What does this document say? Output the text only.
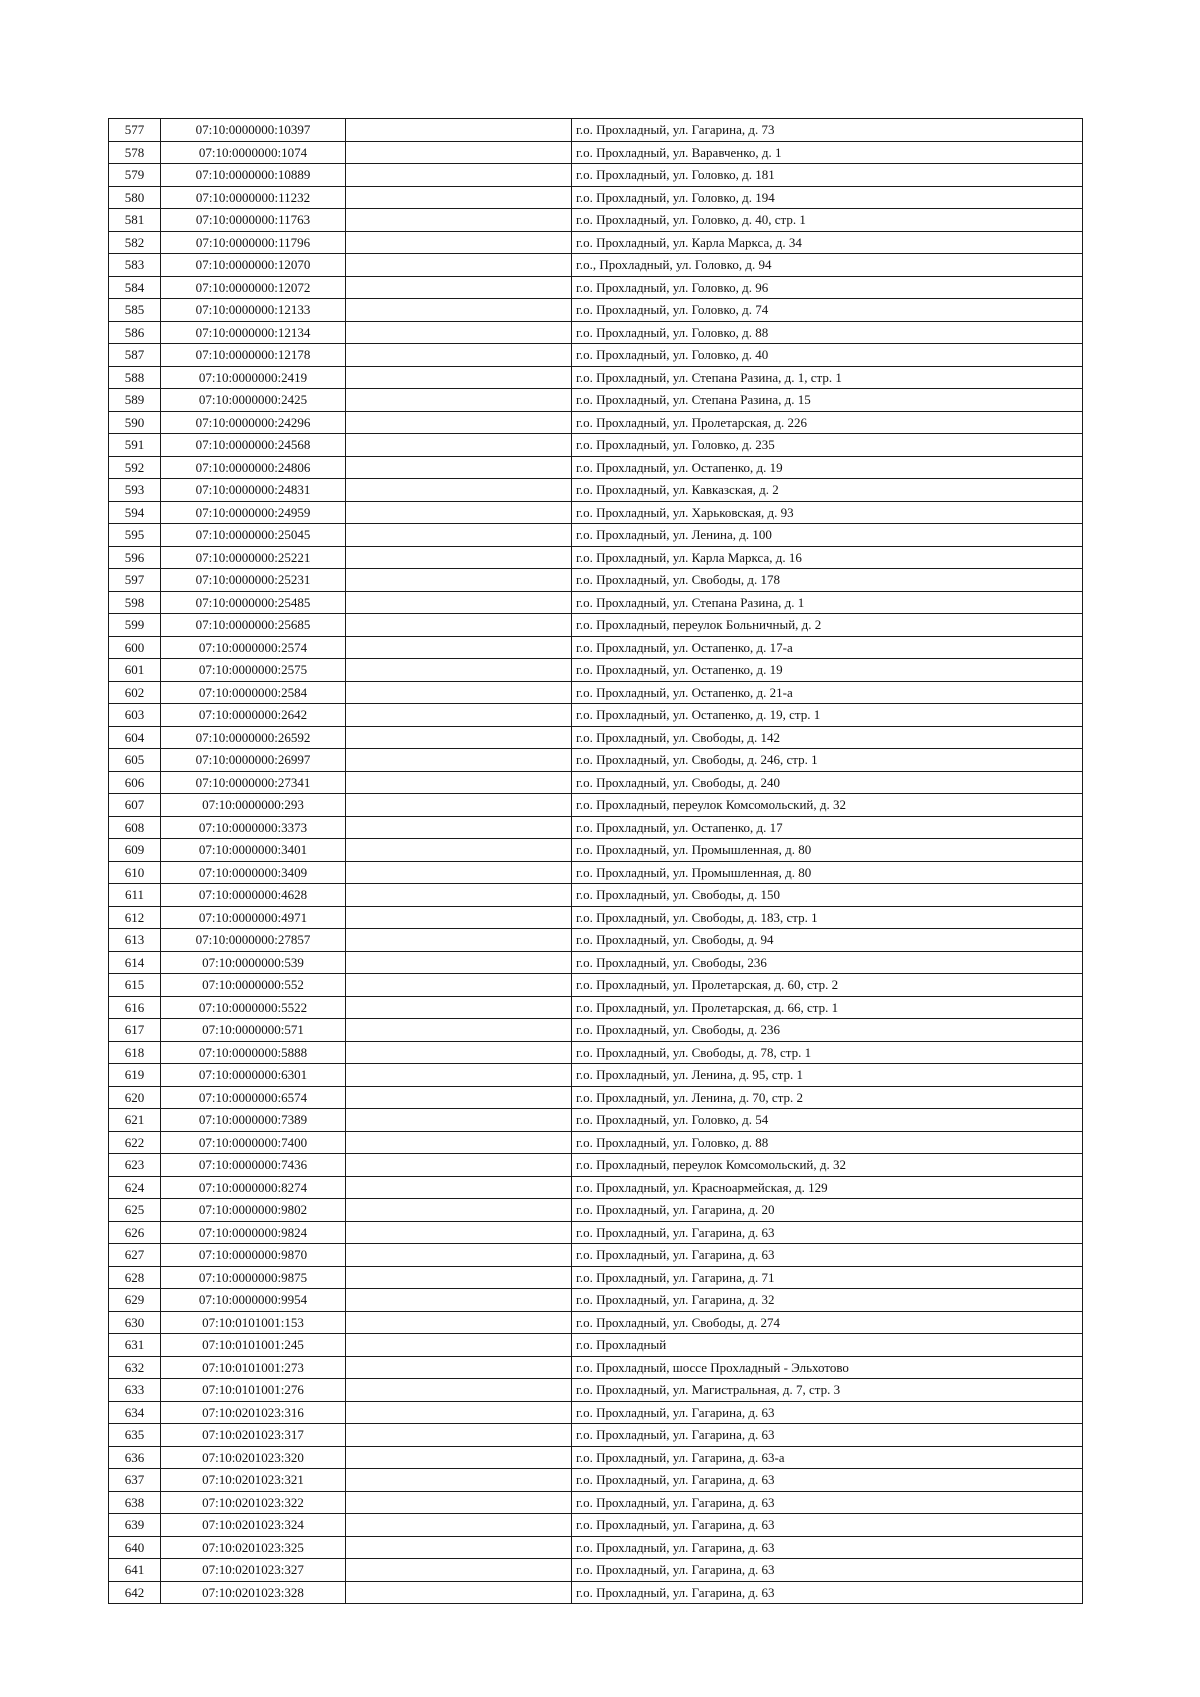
577	07:10:0000000:10397		г.о. Прохладный, ул. Гагарина, д. 73
578	07:10:0000000:1074		г.о. Прохладный, ул. Варавченко, д. 1
579	07:10:0000000:10889		г.о. Прохладный, ул. Головко, д. 181
580	07:10:0000000:11232		г.о. Прохладный, ул. Головко, д. 194
581	07:10:0000000:11763		г.о. Прохладный, ул. Головко, д. 40, стр. 1
582	07:10:0000000:11796		г.о. Прохладный, ул. Карла Маркса, д. 34
583	07:10:0000000:12070		г.о., Прохладный, ул. Головко, д. 94
584	07:10:0000000:12072		г.о. Прохладный, ул. Головко, д. 96
585	07:10:0000000:12133		г.о. Прохладный, ул. Головко, д. 74
586	07:10:0000000:12134		г.о. Прохладный, ул. Головко, д. 88
587	07:10:0000000:12178		г.о. Прохладный, ул. Головко, д. 40
588	07:10:0000000:2419		г.о. Прохладный, ул. Степана Разина, д. 1, стр. 1
589	07:10:0000000:2425		г.о. Прохладный, ул. Степана Разина, д. 15
590	07:10:0000000:24296		г.о. Прохладный, ул. Пролетарская, д. 226
591	07:10:0000000:24568		г.о. Прохладный, ул. Головко, д. 235
592	07:10:0000000:24806		г.о. Прохладный, ул. Остапенко, д. 19
593	07:10:0000000:24831		г.о. Прохладный, ул. Кавказская, д. 2
594	07:10:0000000:24959		г.о. Прохладный, ул. Харьковская, д. 93
595	07:10:0000000:25045		г.о. Прохладный, ул. Ленина, д. 100
596	07:10:0000000:25221		г.о. Прохладный, ул. Карла Маркса, д. 16
597	07:10:0000000:25231		г.о. Прохладный, ул. Свободы, д. 178
598	07:10:0000000:25485		г.о. Прохладный, ул. Степана Разина, д. 1
599	07:10:0000000:25685		г.о. Прохладный, переулок Больничный, д. 2
600	07:10:0000000:2574		г.о. Прохладный, ул. Остапенко, д. 17-а
601	07:10:0000000:2575		г.о. Прохладный, ул. Остапенко, д. 19
602	07:10:0000000:2584		г.о. Прохладный, ул. Остапенко, д. 21-а
603	07:10:0000000:2642		г.о. Прохладный, ул. Остапенко, д. 19, стр. 1
604	07:10:0000000:26592		г.о. Прохладный, ул. Свободы, д. 142
605	07:10:0000000:26997		г.о. Прохладный, ул. Свободы, д. 246, стр. 1
606	07:10:0000000:27341		г.о. Прохладный, ул. Свободы, д. 240
607	07:10:0000000:293		г.о. Прохладный, переулок Комсомольский, д. 32
608	07:10:0000000:3373		г.о. Прохладный, ул. Остапенко, д. 17
609	07:10:0000000:3401		г.о. Прохладный, ул. Промышленная, д. 80
610	07:10:0000000:3409		г.о. Прохладный, ул. Промышленная, д. 80
611	07:10:0000000:4628		г.о. Прохладный, ул. Свободы, д. 150
612	07:10:0000000:4971		г.о. Прохладный, ул. Свободы, д. 183, стр. 1
613	07:10:0000000:27857		г.о. Прохладный, ул. Свободы, д. 94
614	07:10:0000000:539		г.о. Прохладный, ул. Свободы, 236
615	07:10:0000000:552		г.о. Прохладный, ул. Пролетарская, д. 60, стр. 2
616	07:10:0000000:5522		г.о. Прохладный, ул. Пролетарская, д. 66, стр. 1
617	07:10:0000000:571		г.о. Прохладный, ул. Свободы, д. 236
618	07:10:0000000:5888		г.о. Прохладный, ул. Свободы, д. 78, стр. 1
619	07:10:0000000:6301		г.о. Прохладный, ул. Ленина, д. 95, стр. 1
620	07:10:0000000:6574		г.о. Прохладный, ул. Ленина, д. 70, стр. 2
621	07:10:0000000:7389		г.о. Прохладный, ул. Головко, д. 54
622	07:10:0000000:7400		г.о. Прохладный, ул. Головко, д. 88
623	07:10:0000000:7436		г.о. Прохладный, переулок Комсомольский, д. 32
624	07:10:0000000:8274		г.о. Прохладный, ул. Красноармейская, д. 129
625	07:10:0000000:9802		г.о. Прохладный, ул. Гагарина, д. 20
626	07:10:0000000:9824		г.о. Прохладный, ул. Гагарина, д. 63
627	07:10:0000000:9870		г.о. Прохладный, ул. Гагарина, д. 63
628	07:10:0000000:9875		г.о. Прохладный, ул. Гагарина, д. 71
629	07:10:0000000:9954		г.о. Прохладный, ул. Гагарина, д. 32
630	07:10:0101001:153		г.о. Прохладный, ул. Свободы, д. 274
631	07:10:0101001:245		г.о. Прохладный
632	07:10:0101001:273		г.о. Прохладный, шоссе Прохладный - Эльхотово
633	07:10:0101001:276		г.о. Прохладный, ул. Магистральная, д. 7, стр. 3
634	07:10:0201023:316		г.о. Прохладный, ул. Гагарина, д. 63
635	07:10:0201023:317		г.о. Прохладный, ул. Гагарина, д. 63
636	07:10:0201023:320		г.о. Прохладный, ул. Гагарина, д. 63-а
637	07:10:0201023:321		г.о. Прохладный, ул. Гагарина, д. 63
638	07:10:0201023:322		г.о. Прохладный, ул. Гагарина, д. 63
639	07:10:0201023:324		г.о. Прохладный, ул. Гагарина, д. 63
640	07:10:0201023:325		г.о. Прохладный, ул. Гагарина, д. 63
641	07:10:0201023:327		г.о. Прохладный, ул. Гагарина, д. 63
642	07:10:0201023:328		г.о. Прохладный, ул. Гагарина, д. 63
